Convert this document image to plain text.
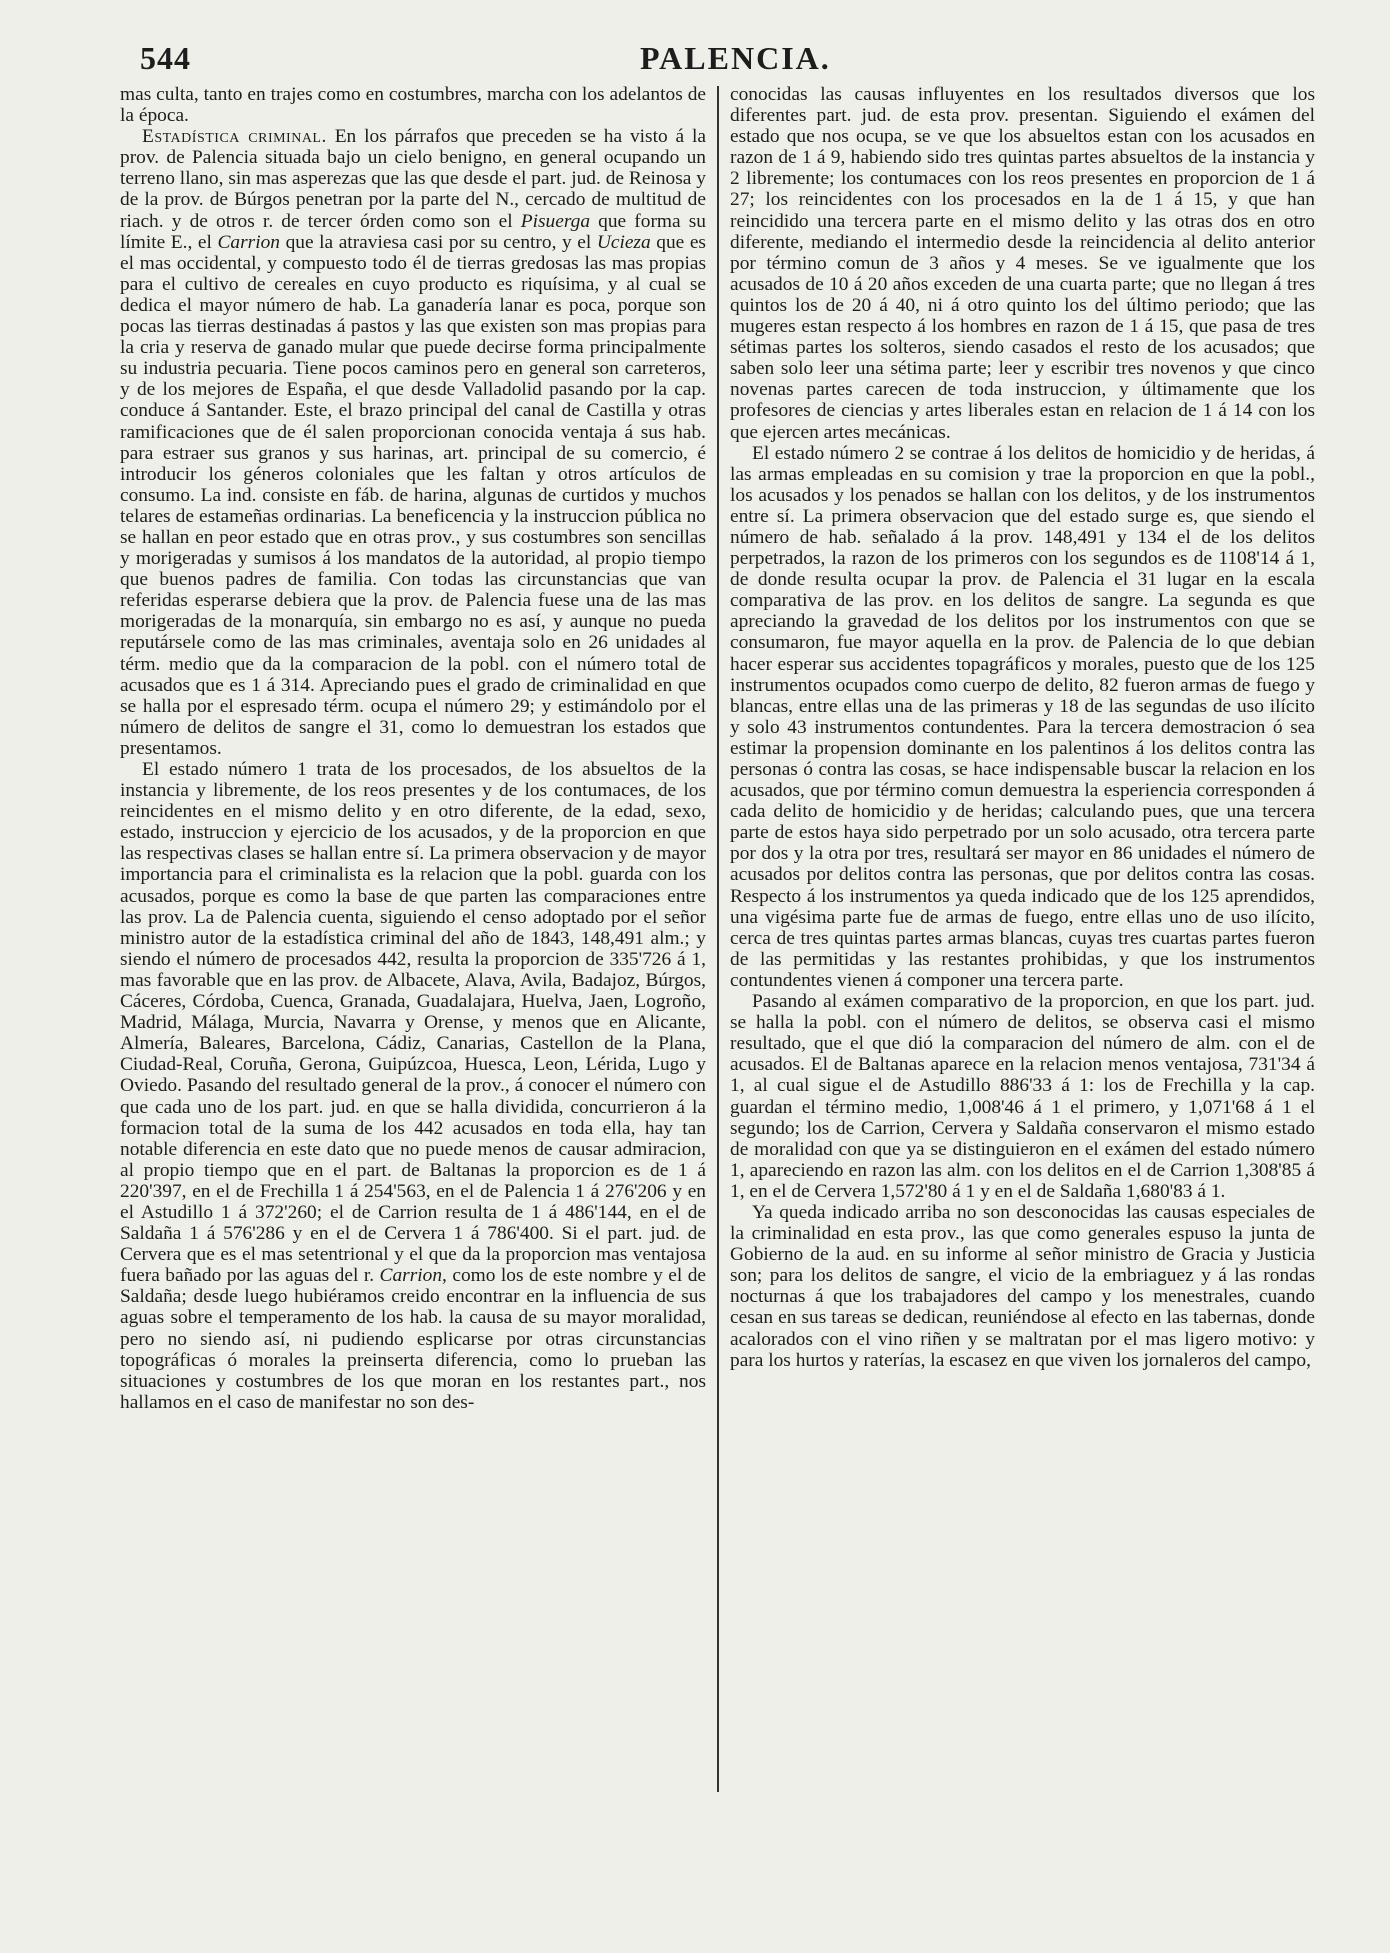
544	PALENCIA.

mas culta, tanto en trajes como en costumbres, marcha con los adelantos de la época.

Estadística criminal. En los párrafos que preceden se ha visto á la prov. de Palencia situada bajo un cielo benigno, en general ocupando un terreno llano, sin mas asperezas que las que desde el part. jud. de Reinosa y de la prov. de Búrgos penetran por la parte del N., cercado de multitud de riach. y de otros r. de tercer órden como son el Pisuerga que forma su límite E., el Carrion que la atraviesa casi por su centro, y el Ucieza que es el mas occidental, y compuesto todo él de tierras gredosas las mas propias para el cultivo de cereales en cuyo producto es riquísima, y al cual se dedica el mayor número de hab. La ganadería lanar es poca, porque son pocas las tierras destinadas á pastos y las que existen son mas propias para la cria y reserva de ganado mular que puede decirse forma principalmente su industria pecuaria. Tiene pocos caminos pero en general son carreteros, y de los mejores de España, el que desde Valladolid pasando por la cap. conduce á Santander. Este, el brazo principal del canal de Castilla y otras ramificaciones que de él salen proporcionan conocida ventaja á sus hab. para estraer sus granos y sus harinas, art. principal de su comercio, é introducir los géneros coloniales que les faltan y otros artículos de consumo. La ind. consiste en fáb. de harina, algunas de curtidos y muchos telares de estameñas ordinarias. La beneficencia y la instruccion pública no se hallan en peor estado que en otras prov., y sus costumbres son sencillas y morigeradas y sumisos á los mandatos de la autoridad, al propio tiempo que buenos padres de familia. Con todas las circunstancias que van referidas esperarse debiera que la prov. de Palencia fuese una de las mas morigeradas de la monarquía, sin embargo no es así, y aunque no pueda reputársele como de las mas criminales, aventaja solo en 26 unidades al térm. medio que da la comparacion de la pobl. con el número total de acusados que es 1 á 314. Apreciando pues el grado de criminalidad en que se halla por el espresado térm. ocupa el número 29; y estimándolo por el número de delitos de sangre el 31, como lo demuestran los estados que presentamos.

El estado número 1 trata de los procesados, de los absueltos de la instancia y libremente, de los reos presentes y de los contumaces, de los reincidentes en el mismo delito y en otro diferente, de la edad, sexo, estado, instruccion y ejercicio de los acusados, y de la proporcion en que las respectivas clases se hallan entre sí. La primera observacion y de mayor importancia para el criminalista es la relacion que la pobl. guarda con los acusados, porque es como la base de que parten las comparaciones entre las prov. La de Palencia cuenta, siguiendo el censo adoptado por el señor ministro autor de la estadística criminal del año de 1843, 148,491 alm.; y siendo el número de procesados 442, resulta la proporcion de 335'726 á 1, mas favorable que en las prov. de Albacete, Alava, Avila, Badajoz, Búrgos, Cáceres, Córdoba, Cuenca, Granada, Guadalajara, Huelva, Jaen, Logroño, Madrid, Málaga, Murcia, Navarra y Orense, y menos que en Alicante, Almería, Baleares, Barcelona, Cádiz, Canarias, Castellon de la Plana, Ciudad-Real, Coruña, Gerona, Guipúzcoa, Huesca, Leon, Lérida, Lugo y Oviedo. Pasando del resultado general de la prov., á conocer el número con que cada uno de los part. jud. en que se halla dividida, concurrieron á la formacion total de la suma de los 442 acusados en toda ella, hay tan notable diferencia en este dato que no puede menos de causar admiracion, al propio tiempo que en el part. de Baltanas la proporcion es de 1 á 220'397, en el de Frechilla 1 á 254'563, en el de Palencia 1 á 276'206 y en el Astudillo 1 á 372'260; el de Carrion resulta de 1 á 486'144, en el de Saldaña 1 á 576'286 y en el de Cervera 1 á 786'400. Si el part. jud. de Cervera que es el mas setentrional y el que da la proporcion mas ventajosa fuera bañado por las aguas del r. Carrion, como los de este nombre y el de Saldaña; desde luego hubiéramos creido encontrar en la influencia de sus aguas sobre el temperamento de los hab. la causa de su mayor moralidad, pero no siendo así, ni pudiendo esplicarse por otras circunstancias topográficas ó morales la preinserta diferencia, como lo prueban las situaciones y costumbres de los que moran en los restantes part., nos hallamos en el caso de manifestar no son des-

conocidas las causas influyentes en los resultados diversos que los diferentes part. jud. de esta prov. presentan. Siguiendo el exámen del estado que nos ocupa, se ve que los absueltos estan con los acusados en razon de 1 á 9, habiendo sido tres quintas partes absueltos de la instancia y 2 libremente; los contumaces con los reos presentes en proporcion de 1 á 27; los reincidentes con los procesados en la de 1 á 15, y que han reincidido una tercera parte en el mismo delito y las otras dos en otro diferente, mediando el intermedio desde la reincidencia al delito anterior por término comun de 3 años y 4 meses. Se ve igualmente que los acusados de 10 á 20 años exceden de una cuarta parte; que no llegan á tres quintos los de 20 á 40, ni á otro quinto los del último periodo; que las mugeres estan respecto á los hombres en razon de 1 á 15, que pasa de tres sétimas partes los solteros, siendo casados el resto de los acusados; que saben solo leer una sétima parte; leer y escribir tres novenos y que cinco novenas partes carecen de toda instruccion, y últimamente que los profesores de ciencias y artes liberales estan en relacion de 1 á 14 con los que ejercen artes mecánicas.

El estado número 2 se contrae á los delitos de homicidio y de heridas, á las armas empleadas en su comision y trae la proporcion en que la pobl., los acusados y los penados se hallan con los delitos, y de los instrumentos entre sí. La primera observacion que del estado surge es, que siendo el número de hab. señalado á la prov. 148,491 y 134 el de los delitos perpetrados, la razon de los primeros con los segundos es de 1108'14 á 1, de donde resulta ocupar la prov. de Palencia el 31 lugar en la escala comparativa de las prov. en los delitos de sangre. La segunda es que apreciando la gravedad de los delitos por los instrumentos con que se consumaron, fue mayor aquella en la prov. de Palencia de lo que debian hacer esperar sus accidentes topagráficos y morales, puesto que de los 125 instrumentos ocupados como cuerpo de delito, 82 fueron armas de fuego y blancas, entre ellas una de las primeras y 18 de las segundas de uso ilícito y solo 43 instrumentos contundentes. Para la tercera demostracion ó sea estimar la propension dominante en los palentinos á los delitos contra las personas ó contra las cosas, se hace indispensable buscar la relacion en los acusados, que por término comun demuestra la esperiencia corresponden á cada delito de homicidio y de heridas; calculando pues, que una tercera parte de estos haya sido perpetrado por un solo acusado, otra tercera parte por dos y la otra por tres, resultará ser mayor en 86 unidades el número de acusados por delitos contra las personas, que por delitos contra las cosas. Respecto á los instrumentos ya queda indicado que de los 125 aprendidos, una vigésima parte fue de armas de fuego, entre ellas uno de uso ilícito, cerca de tres quintas partes armas blancas, cuyas tres cuartas partes fueron de las permitidas y las restantes prohibidas, y que los instrumentos contundentes vienen á componer una tercera parte.

Pasando al exámen comparativo de la proporcion, en que los part. jud. se halla la pobl. con el número de delitos, se observa casi el mismo resultado, que el que dió la comparacion del número de alm. con el de acusados. El de Baltanas aparece en la relacion menos ventajosa, 731'34 á 1, al cual sigue el de Astudillo 886'33 á 1: los de Frechilla y la cap. guardan el término medio, 1,008'46 á 1 el primero, y 1,071'68 á 1 el segundo; los de Carrion, Cervera y Saldaña conservaron el mismo estado de moralidad con que ya se distinguieron en el exámen del estado número 1, apareciendo en razon las alm. con los delitos en el de Carrion 1,308'85 á 1, en el de Cervera 1,572'80 á 1 y en el de Saldaña 1,680'83 á 1.

Ya queda indicado arriba no son desconocidas las causas especiales de la criminalidad en esta prov., las que como generales espuso la junta de Gobierno de la aud. en su informe al señor ministro de Gracia y Justicia son; para los delitos de sangre, el vicio de la embriaguez y á las rondas nocturnas á que los trabajadores del campo y los menestrales, cuando cesan en sus tareas se dedican, reuniéndose al efecto en las tabernas, donde acalorados con el vino riñen y se maltratan por el mas ligero motivo: y para los hurtos y raterías, la escasez en que viven los jornaleros del campo,
